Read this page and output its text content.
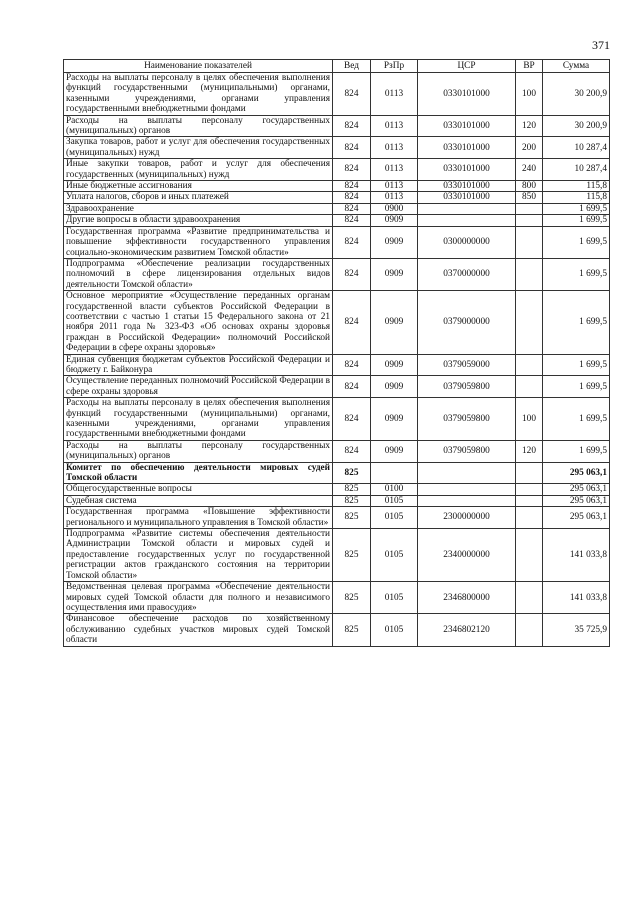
371
Наименование показателей	Вед	РзПр	ЦСР	ВР	Сумма
Расходы на выплаты персоналу в целях обеспечения выполнения функций государственными (муниципальными) органами, казенными учреждениями, органами управления государственными внебюджетными фондами	824	0113	0330101000	100	30 200,9
Расходы на выплаты персоналу государственных (муниципальных) органов	824	0113	0330101000	120	30 200,9
Закупка товаров, работ и услуг для обеспечения государственных (муниципальных) нужд	824	0113	0330101000	200	10 287,4
Иные закупки товаров, работ и услуг для обеспечения государственных (муниципальных) нужд	824	0113	0330101000	240	10 287,4
Иные бюджетные ассигнования	824	0113	0330101000	800	115,8
Уплата налогов, сборов и иных платежей	824	0113	0330101000	850	115,8
Здравоохранение	824	0900			1 699,5
Другие вопросы в области здравоохранения	824	0909			1 699,5
Государственная программа «Развитие предпринимательства и повышение эффективности государственного управления социально-экономическим развитием Томской области»	824	0909	0300000000		1 699,5
Подпрограмма «Обеспечение реализации государственных полномочий в сфере лицензирования отдельных видов деятельности Томской области»	824	0909	0370000000		1 699,5
Основное мероприятие «Осуществление переданных органам государственной власти субъектов Российской Федерации в соответствии с частью 1 статьи 15 Федерального закона от 21 ноября 2011 года № 323-ФЗ «Об основах охраны здоровья граждан в Российской Федерации» полномочий Российской Федерации в сфере охраны здоровья»	824	0909	0379000000		1 699,5
Единая субвенция бюджетам субъектов Российской Федерации и бюджету г. Байконура	824	0909	0379059000		1 699,5
Осуществление переданных полномочий Российской Федерации в сфере охраны здоровья	824	0909	0379059800		1 699,5
Расходы на выплаты персоналу в целях обеспечения выполнения функций государственными (муниципальными) органами, казенными учреждениями, органами управления государственными внебюджетными фондами	824	0909	0379059800	100	1 699,5
Расходы на выплаты персоналу государственных (муниципальных) органов	824	0909	0379059800	120	1 699,5
Комитет по обеспечению деятельности мировых судей Томской области	825				295 063,1
Общегосударственные вопросы	825	0100			295 063,1
Судебная система	825	0105			295 063,1
Государственная программа «Повышение эффективности регионального и муниципального управления в Томской области»	825	0105	2300000000		295 063,1
Подпрограмма «Развитие системы обеспечения деятельности Администрации Томской области и мировых судей и предоставление государственных услуг по государственной регистрации актов гражданского состояния на территории Томской области»	825	0105	2340000000		141 033,8
Ведомственная целевая программа «Обеспечение деятельности мировых судей Томской области для полного и независимого осуществления ими правосудия»	825	0105	2346800000		141 033,8
Финансовое обеспечение расходов по хозяйственному обслуживанию судебных участков мировых судей Томской области	825	0105	2346802120		35 725,9
